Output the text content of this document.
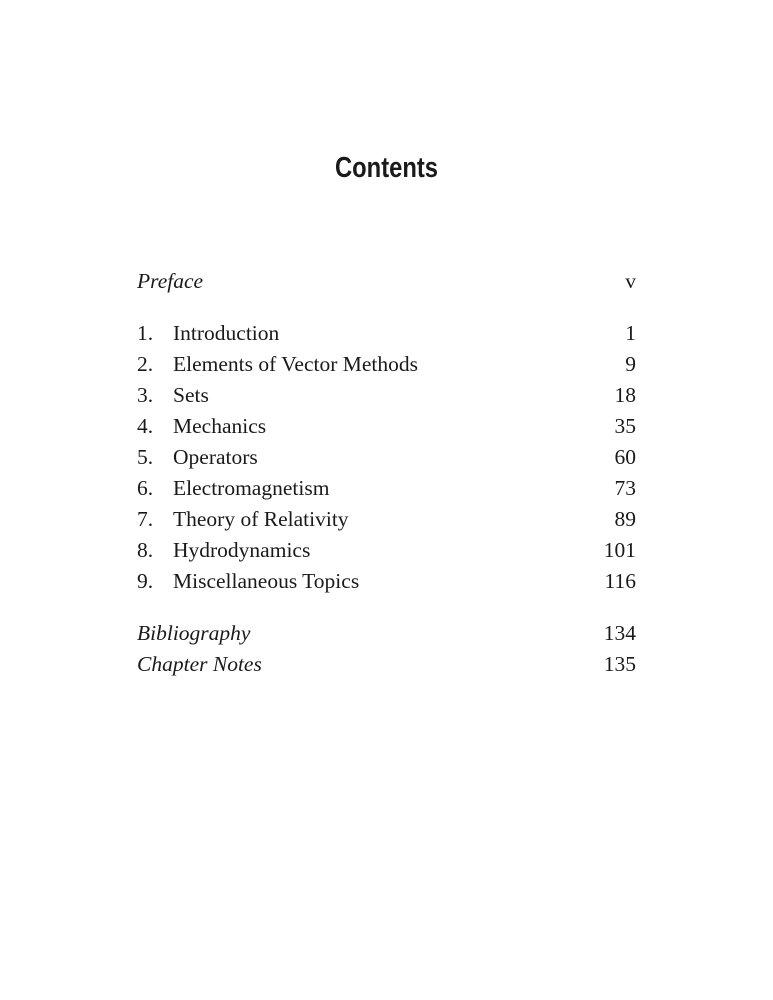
Contents
Preface	v
1. Introduction	1
2. Elements of Vector Methods	9
3. Sets	18
4. Mechanics	35
5. Operators	60
6. Electromagnetism	73
7. Theory of Relativity	89
8. Hydrodynamics	101
9. Miscellaneous Topics	116
Bibliography	134
Chapter Notes	135
